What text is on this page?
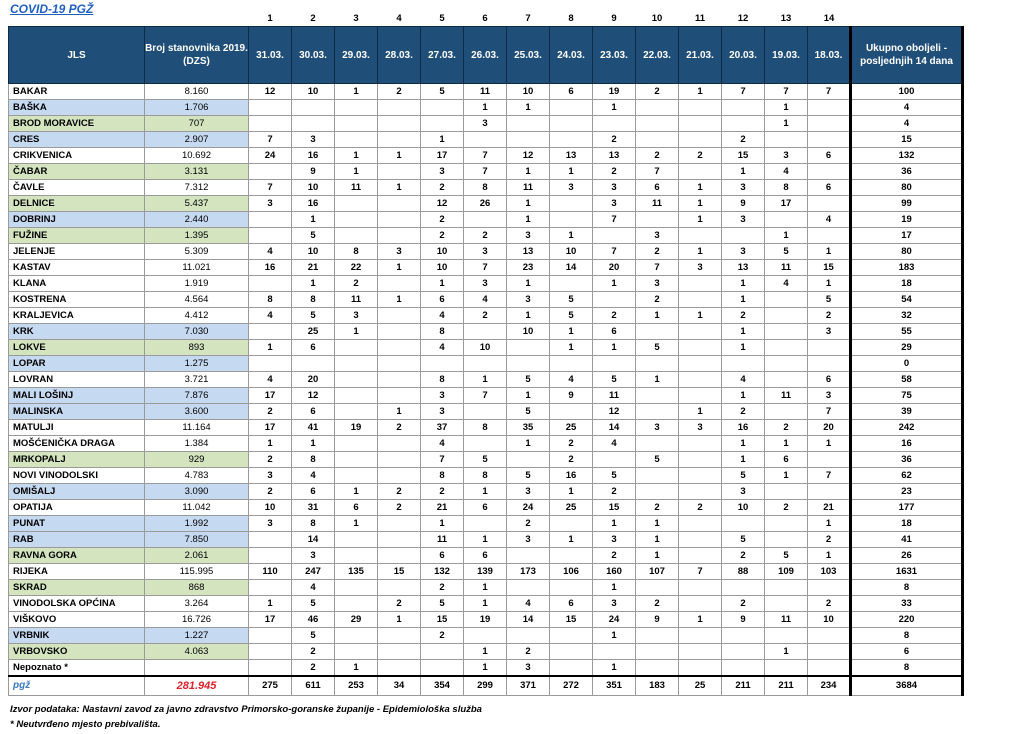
COVID-19 PGŽ
		1	2	3	4	5	6	7	8	9	10	11	12	13	14	
JLS	Broj stanovnika 2019. (DZS)	31.03.	30.03.	29.03.	28.03.	27.03.	26.03.	25.03.	24.03.	23.03.	22.03.	21.03.	20.03.	19.03.	18.03.	Ukupno oboljeli - posljednjih 14 dana
BAKAR	8.160	12	10	1	2	5	11	10	6	19	2	1	7	7	7	100
BAŠKA	1.706						1	1		1				1		4
BROD MORAVICE	707						3							1		4
CRES	2.907	7	3			1				2			2			15
CRIKVENICA	10.692	24	16	1	1	17	7	12	13	13	2	2	15	3	6	132
ČABAR	3.131		9	1		3	7	1	1	2	7		1	4		36
ČAVLE	7.312	7	10	11	1	2	8	11	3	3	6	1	3	8	6	80
DELNICE	5.437	3	16			12	26	1		3	11	1	9	17		99
DOBRINJ	2.440		1			2		1		7		1	3		4	19
FUŽINE	1.395		5			2	2	3	1		3			1		17
JELENJE	5.309	4	10	8	3	10	3	13	10	7	2	1	3	5	1	80
KASTAV	11.021	16	21	22	1	10	7	23	14	20	7	3	13	11	15	183
KLANA	1.919		1	2		1	3	1		1	3		1	4	1	18
KOSTRENA	4.564	8	8	11	1	6	4	3	5		2		1		5	54
KRALJEVICA	4.412	4	5	3		4	2	1	5	2	1	1	2		2	32
KRK	7.030		25	1		8		10	1	6			1		3	55
LOKVE	893	1	6			4	10		1	1	5		1			29
LOPAR	1.275															0
LOVRAN	3.721	4	20			8	1	5	4	5	1		4		6	58
MALI LOŠINJ	7.876	17	12			3	7	1	9	11			1	11	3	75
MALINSKA	3.600	2	6		1	3		5		12		1	2		7	39
MATULJI	11.164	17	41	19	2	37	8	35	25	14	3	3	16	2	20	242
MOŠĆENIČKA DRAGA	1.384	1	1			4		1	2	4			1	1	1	16
MRKOPALJ	929	2	8			7	5		2		5		1	6		36
NOVI VINODOLSKI	4.783	3	4			8	8	5	16	5			5	1	7	62
OMIŠALJ	3.090	2	6	1	2	2	1	3	1	2			3			23
OPATIJA	11.042	10	31	6	2	21	6	24	25	15	2	2	10	2	21	177
PUNAT	1.992	3	8	1		1		2		1	1				1	18
RAB	7.850		14			11	1	3	1	3	1		5		2	41
RAVNA GORA	2.061		3			6	6			2	1		2	5	1	26
RIJEKA	115.995	110	247	135	15	132	139	173	106	160	107	7	88	109	103	1631
SKRAD	868		4			2	1			1						8
VINODOLSKA OPĆINA	3.264	1	5		2	5	1	4	6	3	2		2		2	33
VIŠKOVO	16.726	17	46	29	1	15	19	14	15	24	9	1	9	11	10	220
VRBNIK	1.227		5			2				1						8
VRBOVSKO	4.063		2				1	2						1		6
Nepoznato *			2	1			1	3		1						8
pgž	281.945	275	611	253	34	354	299	371	272	351	183	25	211	211	234	3684
Izvor podataka: Nastavni zavod za javno zdravstvo Primorsko-goranske županije - Epidemiološka služba
* Neutvrđeno mjesto prebivališta.
